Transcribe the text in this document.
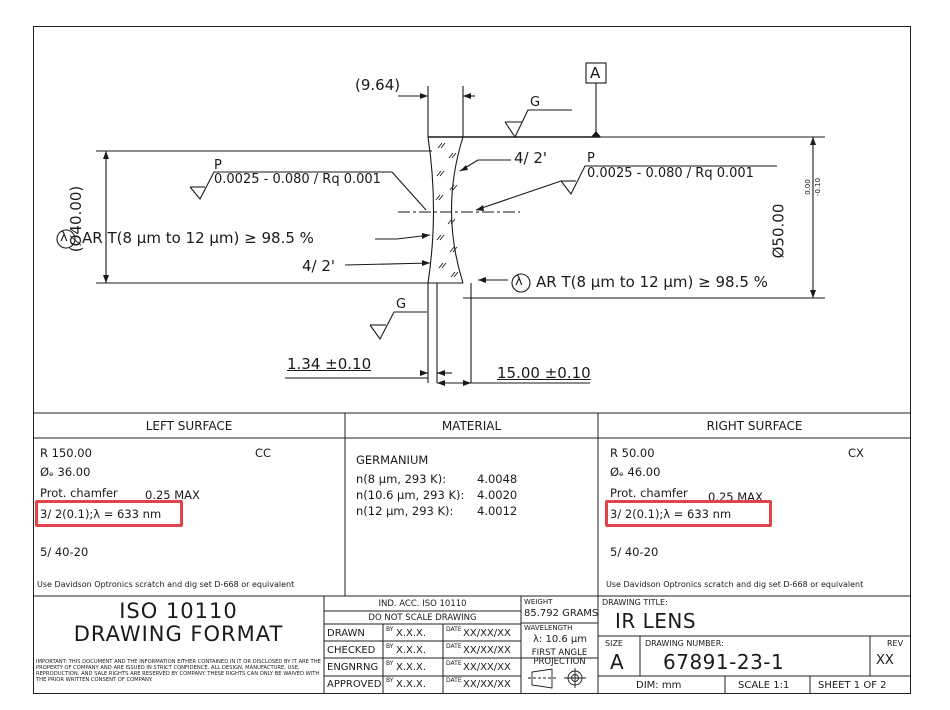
(9.64)
A
G
G
P
0.0025 - 0.080 / Rq 0.001
P
0.0025 - 0.080 / Rq 0.001
4/ 2'
4/ 2'
λ AR T(8 µm to 12 µm) ≥ 98.5 %
λ AR T(8 µm to 12 µm) ≥ 98.5 %
(Ø40.00)	Ø50.00
0.00 -0.10
1.34 ±0.10	15.00 ±0.10
LEFT SURFACE	MATERIAL	RIGHT SURFACE
R 150.00	CC
Øₑ 36.00
Prot. chamfer 0.25 MAX
3/ 2(0.1);λ = 633 nm
5/ 40-20
Use Davidson Optronics scratch and dig set D-668 or equivalent
GERMANIUM
n(8 µm, 293 K):	4.0048
n(10.6 µm, 293 K): 4.0020
n(12 µm, 293 K): 4.0012
R 50.00	CX
Øₑ 46.00
Prot. chamfer 0.25 MAX
3/ 2(0.1);λ = 633 nm
5/ 40-20
Use Davidson Optronics scratch and dig set D-668 or equivalent
ISO 10110
DRAWING FORMAT
IMPORTANT: THIS DOCUMENT AND THE INFORMATION EITHER CONTAINED IN IT OR DISCLOSED BY IT ARE THE PROPERTY OF COMPANY AND ARE ISSUED IN STRICT CONFIDENCE. ALL DESIGN, MANUFACTURE, USE, REPRODUCTION, AND SALE RIGHTS ARE RESERVED BY COMPANY. THESE RIGHTS CAN ONLY BE WAIVED WITH THE PRIOR WRITTEN CONSENT OF COMPANY.
IND. ACC. ISO 10110
DO NOT SCALE DRAWING
DRAWN	BY X.X.X.	DATE XX/XX/XX
CHECKED BY X.X.X.	DATE XX/XX/XX
ENGNRNG BY X.X.X.	DATE XX/XX/XX
APPROVED BY X.X.X.	DATE XX/XX/XX
WEIGHT
85.792 GRAMS
WAVELENGTH
λ: 10.6 µm
FIRST ANGLE
PROJECTION
DRAWING TITLE:
IR LENS
SIZE
A
DRAWING NUMBER:
67891-23-1
REV
XX
DIM: mm	SCALE 1:1	SHEET 1 OF 2
